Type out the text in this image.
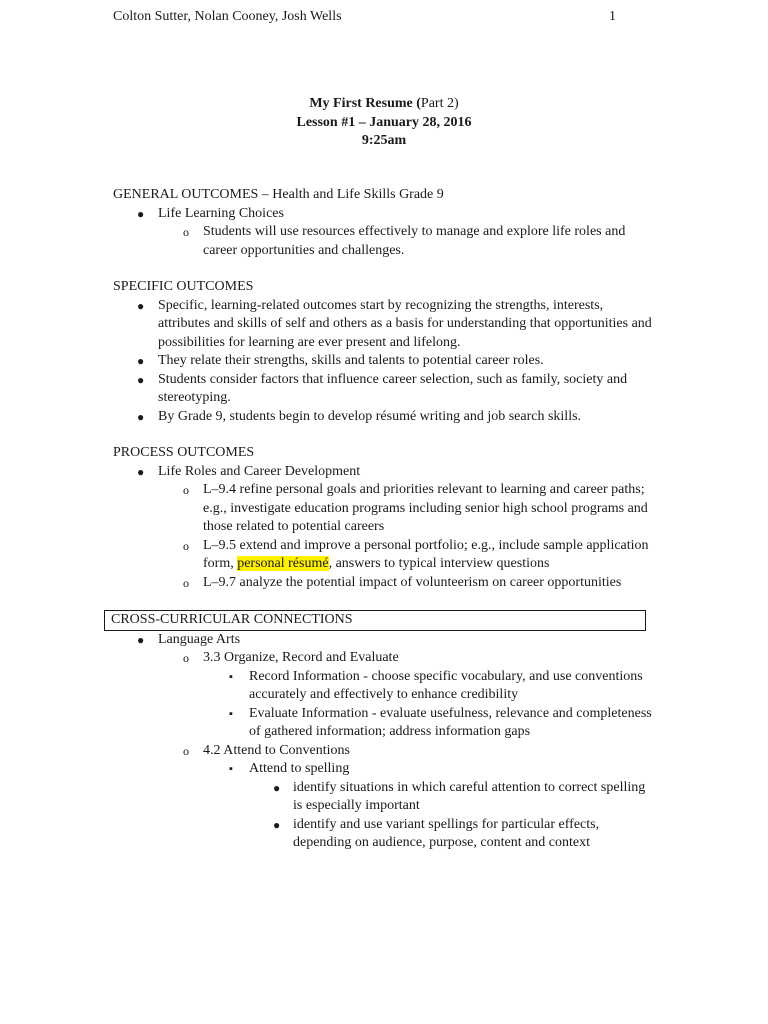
Colton Sutter, Nolan Cooney, Josh Wells	1
My First Resume (Part 2)
Lesson #1 – January 28, 2016
9:25am
GENERAL OUTCOMES – Health and Life Skills Grade 9
● Life Learning Choices
o Students will use resources effectively to manage and explore life roles and career opportunities and challenges.
SPECIFIC OUTCOMES
● Specific, learning-related outcomes start by recognizing the strengths, interests, attributes and skills of self and others as a basis for understanding that opportunities and possibilities for learning are ever present and lifelong.
● They relate their strengths, skills and talents to potential career roles.
● Students consider factors that influence career selection, such as family, society and stereotyping.
● By Grade 9, students begin to develop résumé writing and job search skills.
PROCESS OUTCOMES
● Life Roles and Career Development
o L–9.4 refine personal goals and priorities relevant to learning and career paths; e.g., investigate education programs including senior high school programs and those related to potential careers
o L–9.5 extend and improve a personal portfolio; e.g., include sample application form, personal résumé, answers to typical interview questions
o L–9.7 analyze the potential impact of volunteerism on career opportunities
CROSS-CURRICULAR CONNECTIONS
● Language Arts
o 3.3 Organize, Record and Evaluate
▪ Record Information - choose specific vocabulary, and use conventions accurately and effectively to enhance credibility
▪ Evaluate Information - evaluate usefulness, relevance and completeness of gathered information; address information gaps
o 4.2 Attend to Conventions
▪ Attend to spelling
● identify situations in which careful attention to correct spelling is especially important
● identify and use variant spellings for particular effects, depending on audience, purpose, content and context
